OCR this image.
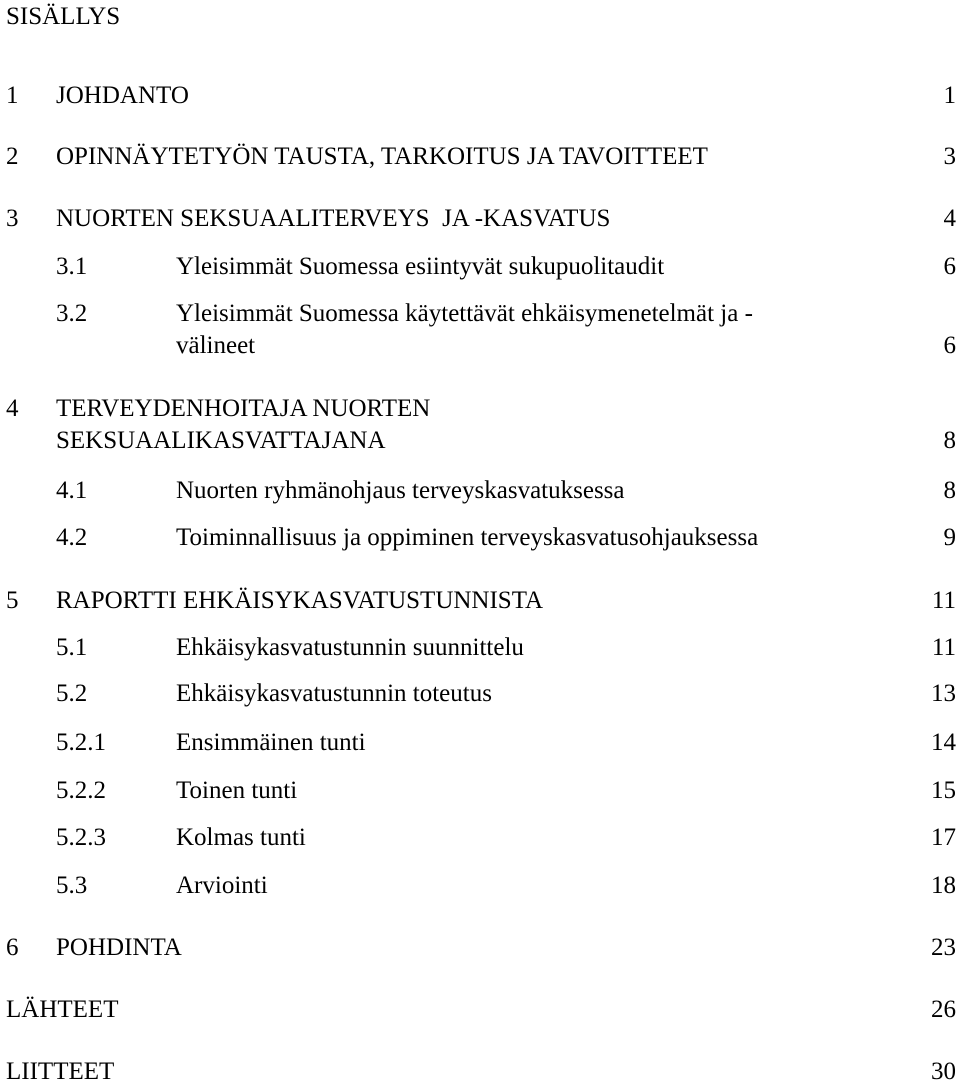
SISÄLLYS
1 JOHDANTO	1
2 OPINNÄYTETYÖN TAUSTA, TARKOITUS JA TAVOITTEET	3
3 NUORTEN SEKSUAALITERVEYS  JA -KASVATUS	4
3.1	Yleisimmät Suomessa esiintyvät sukupuolitaudit	6
3.2	Yleisimmät Suomessa käytettävät ehkäisymenetelmät ja -
välineet	6
4 TERVEYDENHOITAJA NUORTEN
SEKSUAALIKASVATTAJANA	8
4.1	Nuorten ryhmänohjaus terveyskasvatuksessa	8
4.2	Toiminnallisuus ja oppiminen terveyskasvatusohjauksessa	9
5 RAPORTTI EHKÄISYKASVATUSTUNNISTA	11
5.1	Ehkäisykasvatustunnin suunnittelu	11
5.2	Ehkäisykasvatustunnin toteutus	13
5.2.1	Ensimmäinen tunti	14
5.2.2	Toinen tunti	15
5.2.3	Kolmas tunti	17
5.3	Arviointi	18
6 POHDINTA	23
LÄHTEET	26
LIITTEET	30
